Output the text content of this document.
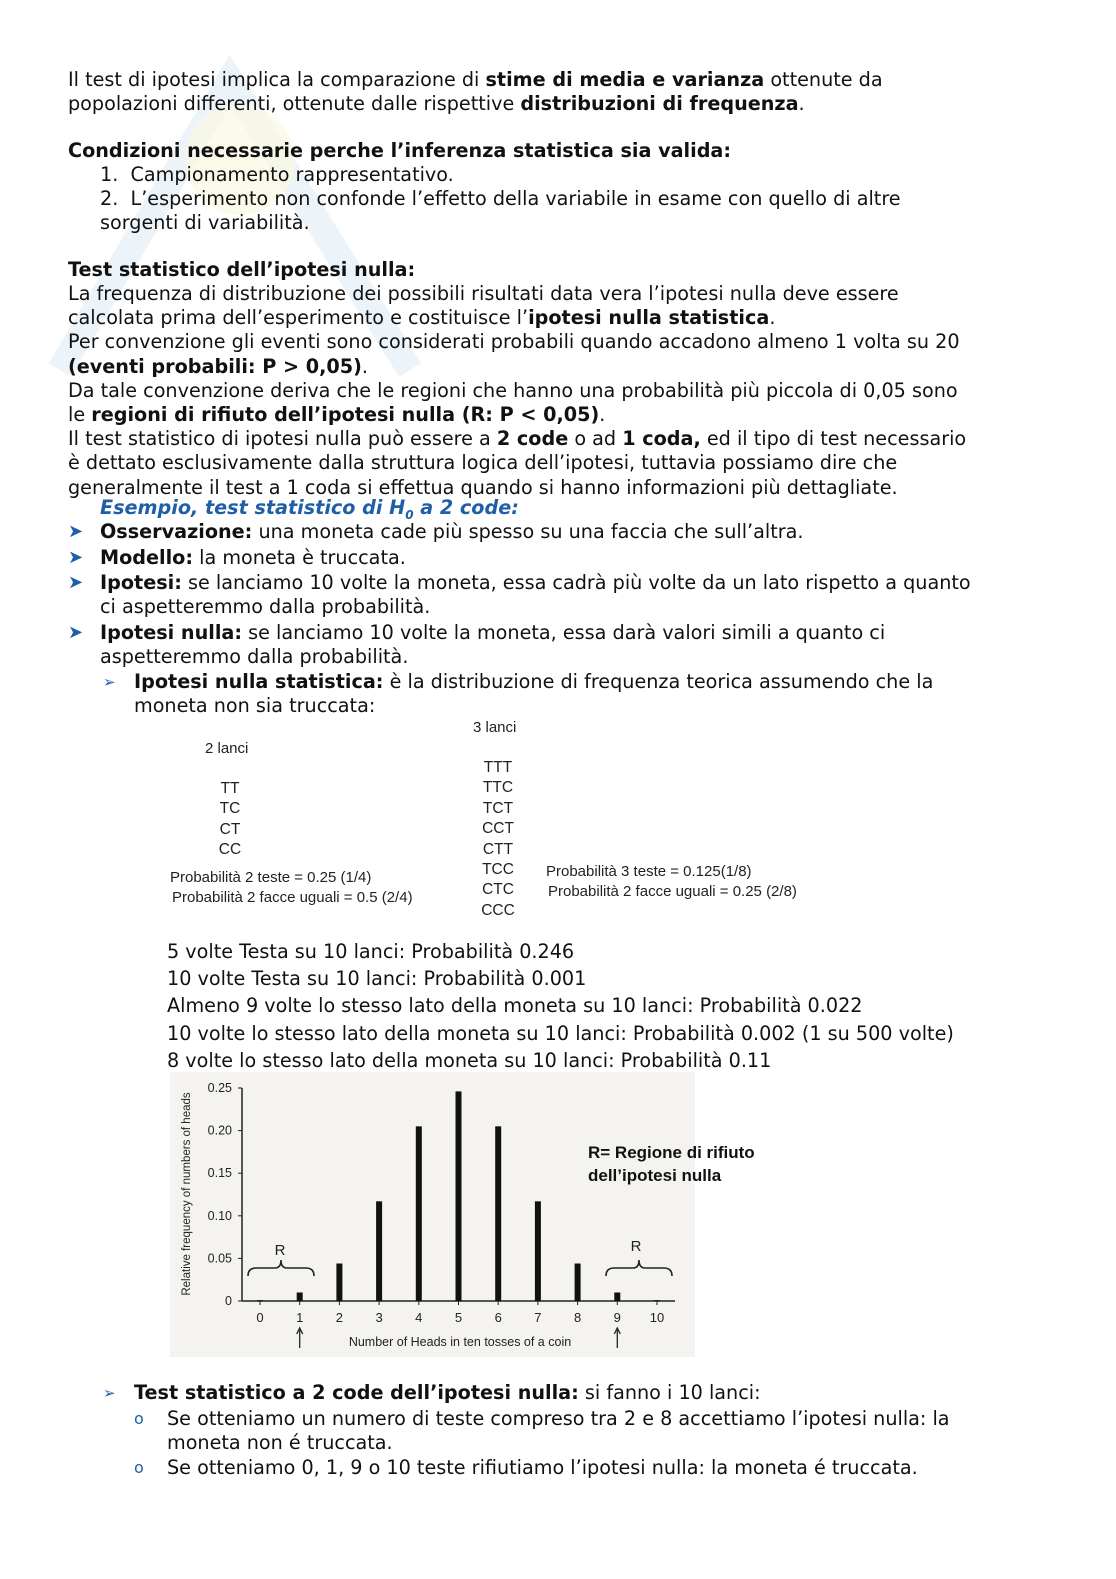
Il test di ipotesi implica la comparazione di stime di media e varianza ottenute da
popolazioni differenti, ottenute dalle rispettive distribuzioni di frequenza.
Condizioni necessarie perche l’inferenza statistica sia valida:
1. Campionamento rappresentativo.
2. L’esperimento non confonde l’effetto della variabile in esame con quello di altre
sorgenti di variabilità.
Test statistico dell’ipotesi nulla:
La frequenza di distribuzione dei possibili risultati data vera l’ipotesi nulla deve essere
calcolata prima dell’esperimento e costituisce l’ipotesi nulla statistica.
Per convenzione gli eventi sono considerati probabili quando accadono almeno 1 volta su 20
(eventi probabili: P > 0,05).
Da tale convenzione deriva che le regioni che hanno una probabilità più piccola di 0,05 sono
le regioni di rifiuto dell’ipotesi nulla (R: P < 0,05).
Il test statistico di ipotesi nulla può essere a 2 code o ad 1 coda, ed il tipo di test necessario
è dettato esclusivamente dalla struttura logica dell’ipotesi, tuttavia possiamo dire che
generalmente il test a 1 coda si effettua quando si hanno informazioni più dettagliate.
Esempio, test statistico di $H_0$ a 2 code:
➤ Osservazione: una moneta cade più spesso su una faccia che sull’altra.
➤ Modello: la moneta è truccata.
➤ Ipotesi: se lanciamo 10 volte la moneta, essa cadrà più volte da un lato rispetto a quanto
ci aspetteremmo dalla probabilità.
➤ Ipotesi nulla: se lanciamo 10 volte la moneta, essa darà valori simili a quanto ci
aspetteremmo dalla probabilità.
➢ Ipotesi nulla statistica: è la distribuzione di frequenza teorica assumendo che la
moneta non sia truccata:
2 lanci
TT
TC
CT
CC
Probabilità 2 teste = 0.25 (1/4)
Probabilità 2 facce uguali = 0.5 (2/4)
3 lanci
TTT
TTC
TCT
CCT
CTT
TCC
CTC
CCC
Probabilità 3 teste = 0.125(1/8)
Probabilità 2 facce uguali = 0.25 (2/8)
5 volte Testa su 10 lanci: Probabilità 0.246
10 volte Testa su 10 lanci: Probabilità 0.001
Almeno 9 volte lo stesso lato della moneta su 10 lanci: Probabilità 0.022
10 volte lo stesso lato della moneta su 10 lanci: Probabilità 0.002 (1 su 500 volte)
8 volte lo stesso lato della moneta su 10 lanci: Probabilità 0.11
0
0.05
0.10
0.15
0.20
0.25
0 1 2 3 4 5 6 7 8 9 10
Relative frequency of numbers of heads
Number of Heads in ten tosses of a coin
R	R
R= Regione di rifiuto
dell’ipotesi nulla
➢ Test statistico a 2 code dell’ipotesi nulla: si fanno i 10 lanci:
o Se otteniamo un numero di teste compreso tra 2 e 8 accettiamo l’ipotesi nulla: la
moneta non é truccata.
o Se otteniamo 0, 1, 9 o 10 teste rifiutiamo l’ipotesi nulla: la moneta é truccata.
